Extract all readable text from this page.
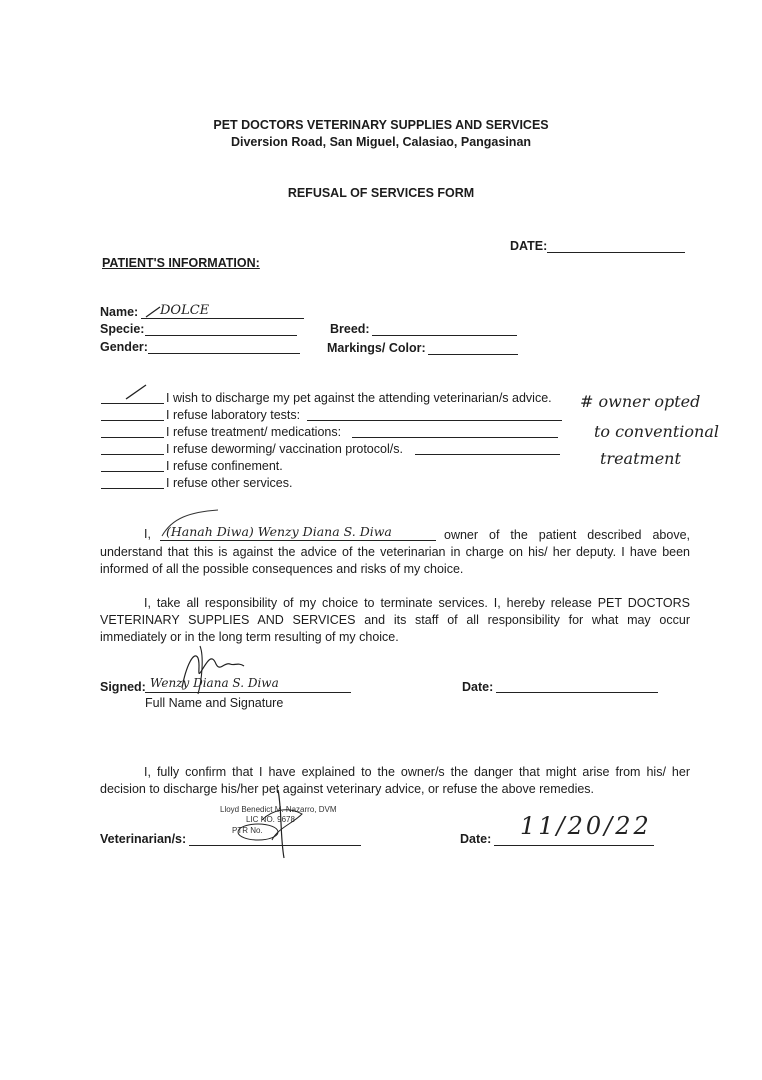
PET DOCTORS VETERINARY SUPPLIES AND SERVICES
Diversion Road, San Miguel, Calasiao, Pangasinan
REFUSAL OF SERVICES FORM
DATE:
PATIENT'S INFORMATION:
Name: DOLCE
Specie:
Gender:
Breed:
Markings/ Color:
I wish to discharge my pet against the attending veterinarian/s advice.
I refuse laboratory tests:
I refuse treatment/ medications:
I refuse deworming/ vaccination protocol/s.
I refuse confinement.
I refuse other services.
# owner opted
to conventional
treatment
I, (Hanah Diwa) Wenzy Diana S. Diwa	owner of the patient described above, understand that this is against the advice of the veterinarian in charge on his/ her deputy. I have been informed of all the possible consequences and risks of my choice.
I, take all responsibility of my choice to terminate services. I, hereby release PET DOCTORS VETERINARY SUPPLIES AND SERVICES and its staff of all responsibility for what may occur immediately or in the long term resulting of my choice.
Signed: Wenzy Diana S. Diwa
Full Name and Signature
Date:
I, fully confirm that I have explained to the owner/s the danger that might arise from his/ her decision to discharge his/her pet against veterinary advice, or refuse the above remedies.
Veterinarian/s:
Lloyd Benedict M. Nazarro, DVM
LIC NO. 9678
PTR No.
Date: 11/20/22
